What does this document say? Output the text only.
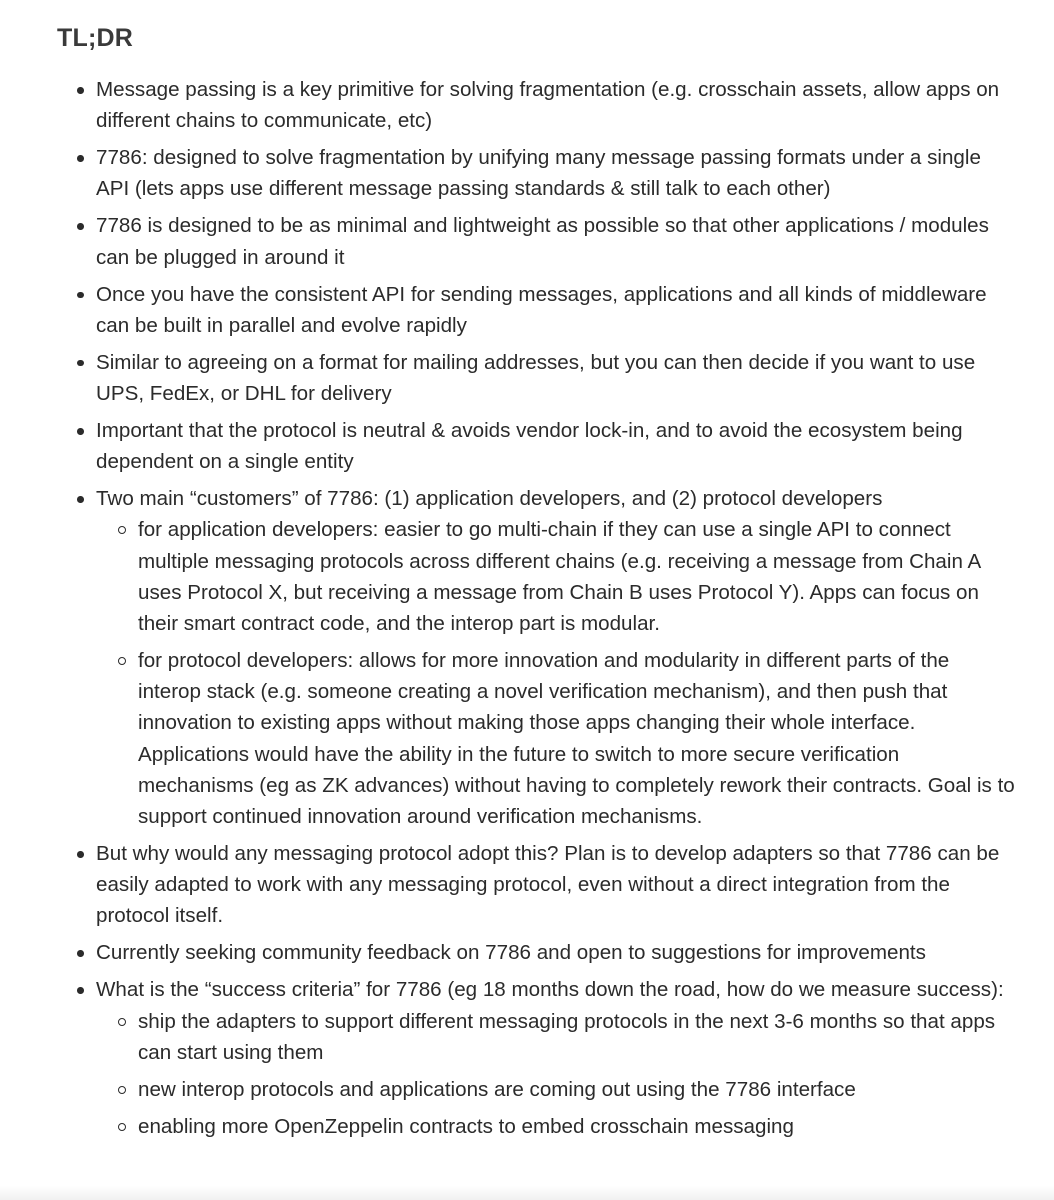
TL;DR
Message passing is a key primitive for solving fragmentation (e.g. crosschain assets, allow apps on different chains to communicate, etc)
7786: designed to solve fragmentation by unifying many message passing formats under a single API (lets apps use different message passing standards & still talk to each other)
7786 is designed to be as minimal and lightweight as possible so that other applications / modules can be plugged in around it
Once you have the consistent API for sending messages, applications and all kinds of middleware can be built in parallel and evolve rapidly
Similar to agreeing on a format for mailing addresses, but you can then decide if you want to use UPS, FedEx, or DHL for delivery
Important that the protocol is neutral & avoids vendor lock-in, and to avoid the ecosystem being dependent on a single entity
Two main “customers” of 7786: (1) application developers, and (2) protocol developers
for application developers: easier to go multi-chain if they can use a single API to connect multiple messaging protocols across different chains (e.g. receiving a message from Chain A uses Protocol X, but receiving a message from Chain B uses Protocol Y). Apps can focus on their smart contract code, and the interop part is modular.
for protocol developers: allows for more innovation and modularity in different parts of the interop stack (e.g. someone creating a novel verification mechanism), and then push that innovation to existing apps without making those apps changing their whole interface. Applications would have the ability in the future to switch to more secure verification mechanisms (eg as ZK advances) without having to completely rework their contracts. Goal is to support continued innovation around verification mechanisms.
But why would any messaging protocol adopt this? Plan is to develop adapters so that 7786 can be easily adapted to work with any messaging protocol, even without a direct integration from the protocol itself.
Currently seeking community feedback on 7786 and open to suggestions for improvements
What is the “success criteria” for 7786 (eg 18 months down the road, how do we measure success):
ship the adapters to support different messaging protocols in the next 3-6 months so that apps can start using them
new interop protocols and applications are coming out using the 7786 interface
enabling more OpenZeppelin contracts to embed crosschain messaging
